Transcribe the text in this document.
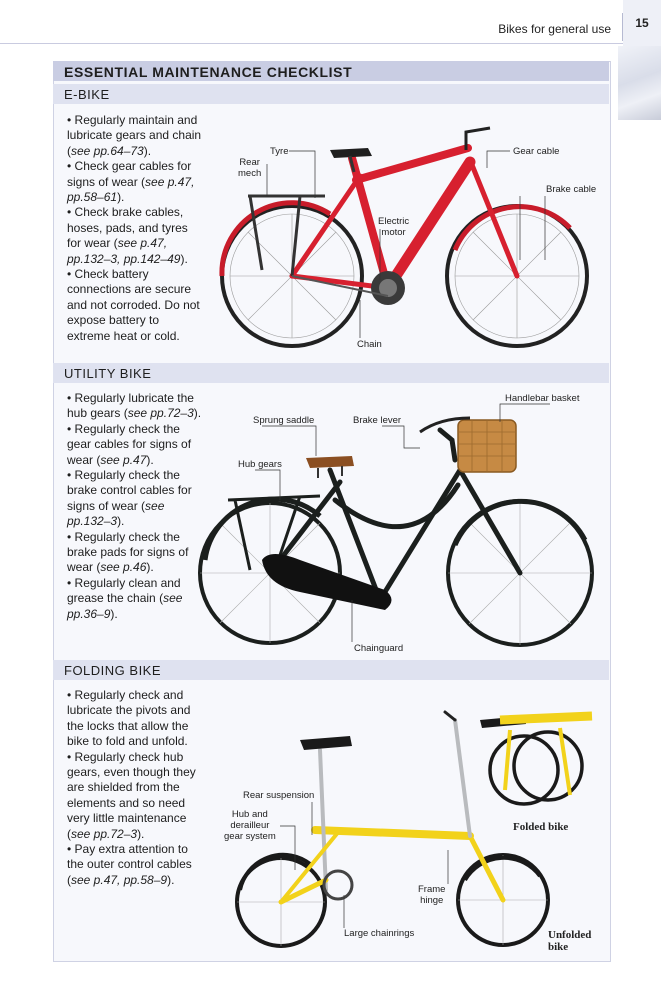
Bikes for general use	15
ESSENTIAL MAINTENANCE CHECKLIST
E-BIKE

• Regularly maintain and lubricate gears and chain (see pp.64–73).

• Check gear cables for signs of wear (see p.47, pp.58–61).

• Check brake cables, hoses, pads, and tyres for wear (see p.47, pp.132–3, pp.142–49).

• Check battery connections are secure and not corroded. Do not expose battery to extreme heat or cold.

UTILITY BIKE

• Regularly lubricate the hub gears (see pp.72–3).

• Regularly check the gear cables for signs of wear (see p.47).

• Regularly check the brake control cables for signs of wear (see pp.132–3).

• Regularly check the brake pads for signs of wear (see p.46).

• Regularly clean and grease the chain (see pp.36–9).

FOLDING BIKE

• Regularly check and lubricate the pivots and the locks that allow the bike to fold and unfold.

• Regularly check hub gears, even though they are shielded from the elements and so need very little maintenance (see pp.72–3).

• Pay extra attention to the outer control cables (see p.47, pp.58–9).

Tyre
Rear
mech
Electric
motor
Gear cable
Brake cable
Chain
Handlebar basket
Sprung saddle	Brake lever
Hub gears
Chainguard
Rear suspension
Hub and
derailleur
gear system
Frame
hinge
Large chainrings
Folded bike
Unfolded
bike
